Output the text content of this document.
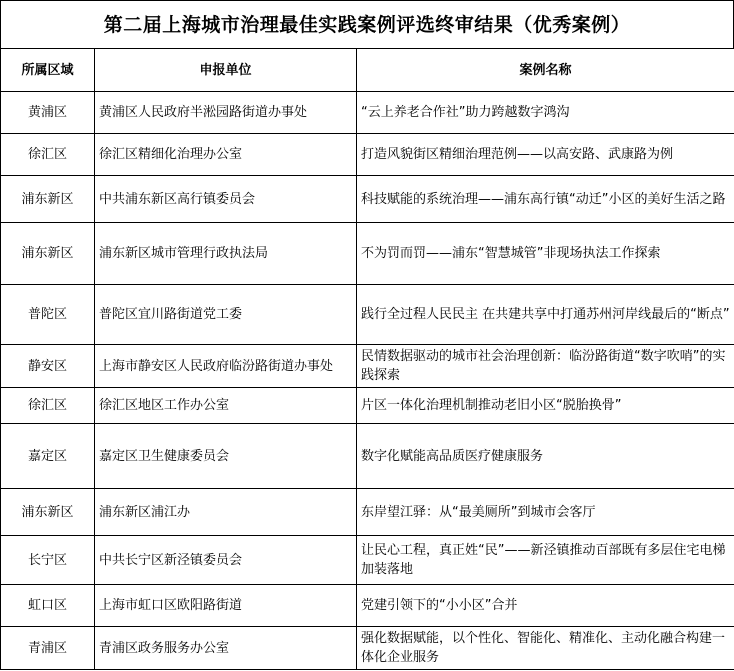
第二届上海城市治理最佳实践案例评选终审结果（优秀案例）
所属区域	申报单位	案例名称
黄浦区	黄浦区人民政府半淞园路街道办事处	“云上养老合作社”助力跨越数字鸿沟
徐汇区	徐汇区精细化治理办公室	打造风貌街区精细治理范例——以高安路、武康路为例
浦东新区	中共浦东新区高行镇委员会	科技赋能的系统治理——浦东高行镇“动迁”小区的美好生活之路
浦东新区	浦东新区城市管理行政执法局	不为罚而罚——浦东“智慧城管”非现场执法工作探索
普陀区	普陀区宜川路街道党工委	践行全过程人民民主 在共建共享中打通苏州河岸线最后的“断点”
静安区	上海市静安区人民政府临汾路街道办事处	民情数据驱动的城市社会治理创新：临汾路街道“数字吹哨”的实践探索
徐汇区	徐汇区地区工作办公室	片区一体化治理机制推动老旧小区“脱胎换骨”
嘉定区	嘉定区卫生健康委员会	数字化赋能高品质医疗健康服务
浦东新区	浦东新区浦江办	东岸望江驿：从“最美厕所”到城市会客厅
长宁区	中共长宁区新泾镇委员会	让民心工程，真正姓“民”——新泾镇推动百部既有多层住宅电梯加装落地
虹口区	上海市虹口区欧阳路街道	党建引领下的“小小区”合并
青浦区	青浦区政务服务办公室	强化数据赋能，以个性化、智能化、精准化、主动化融合构建一体化企业服务
